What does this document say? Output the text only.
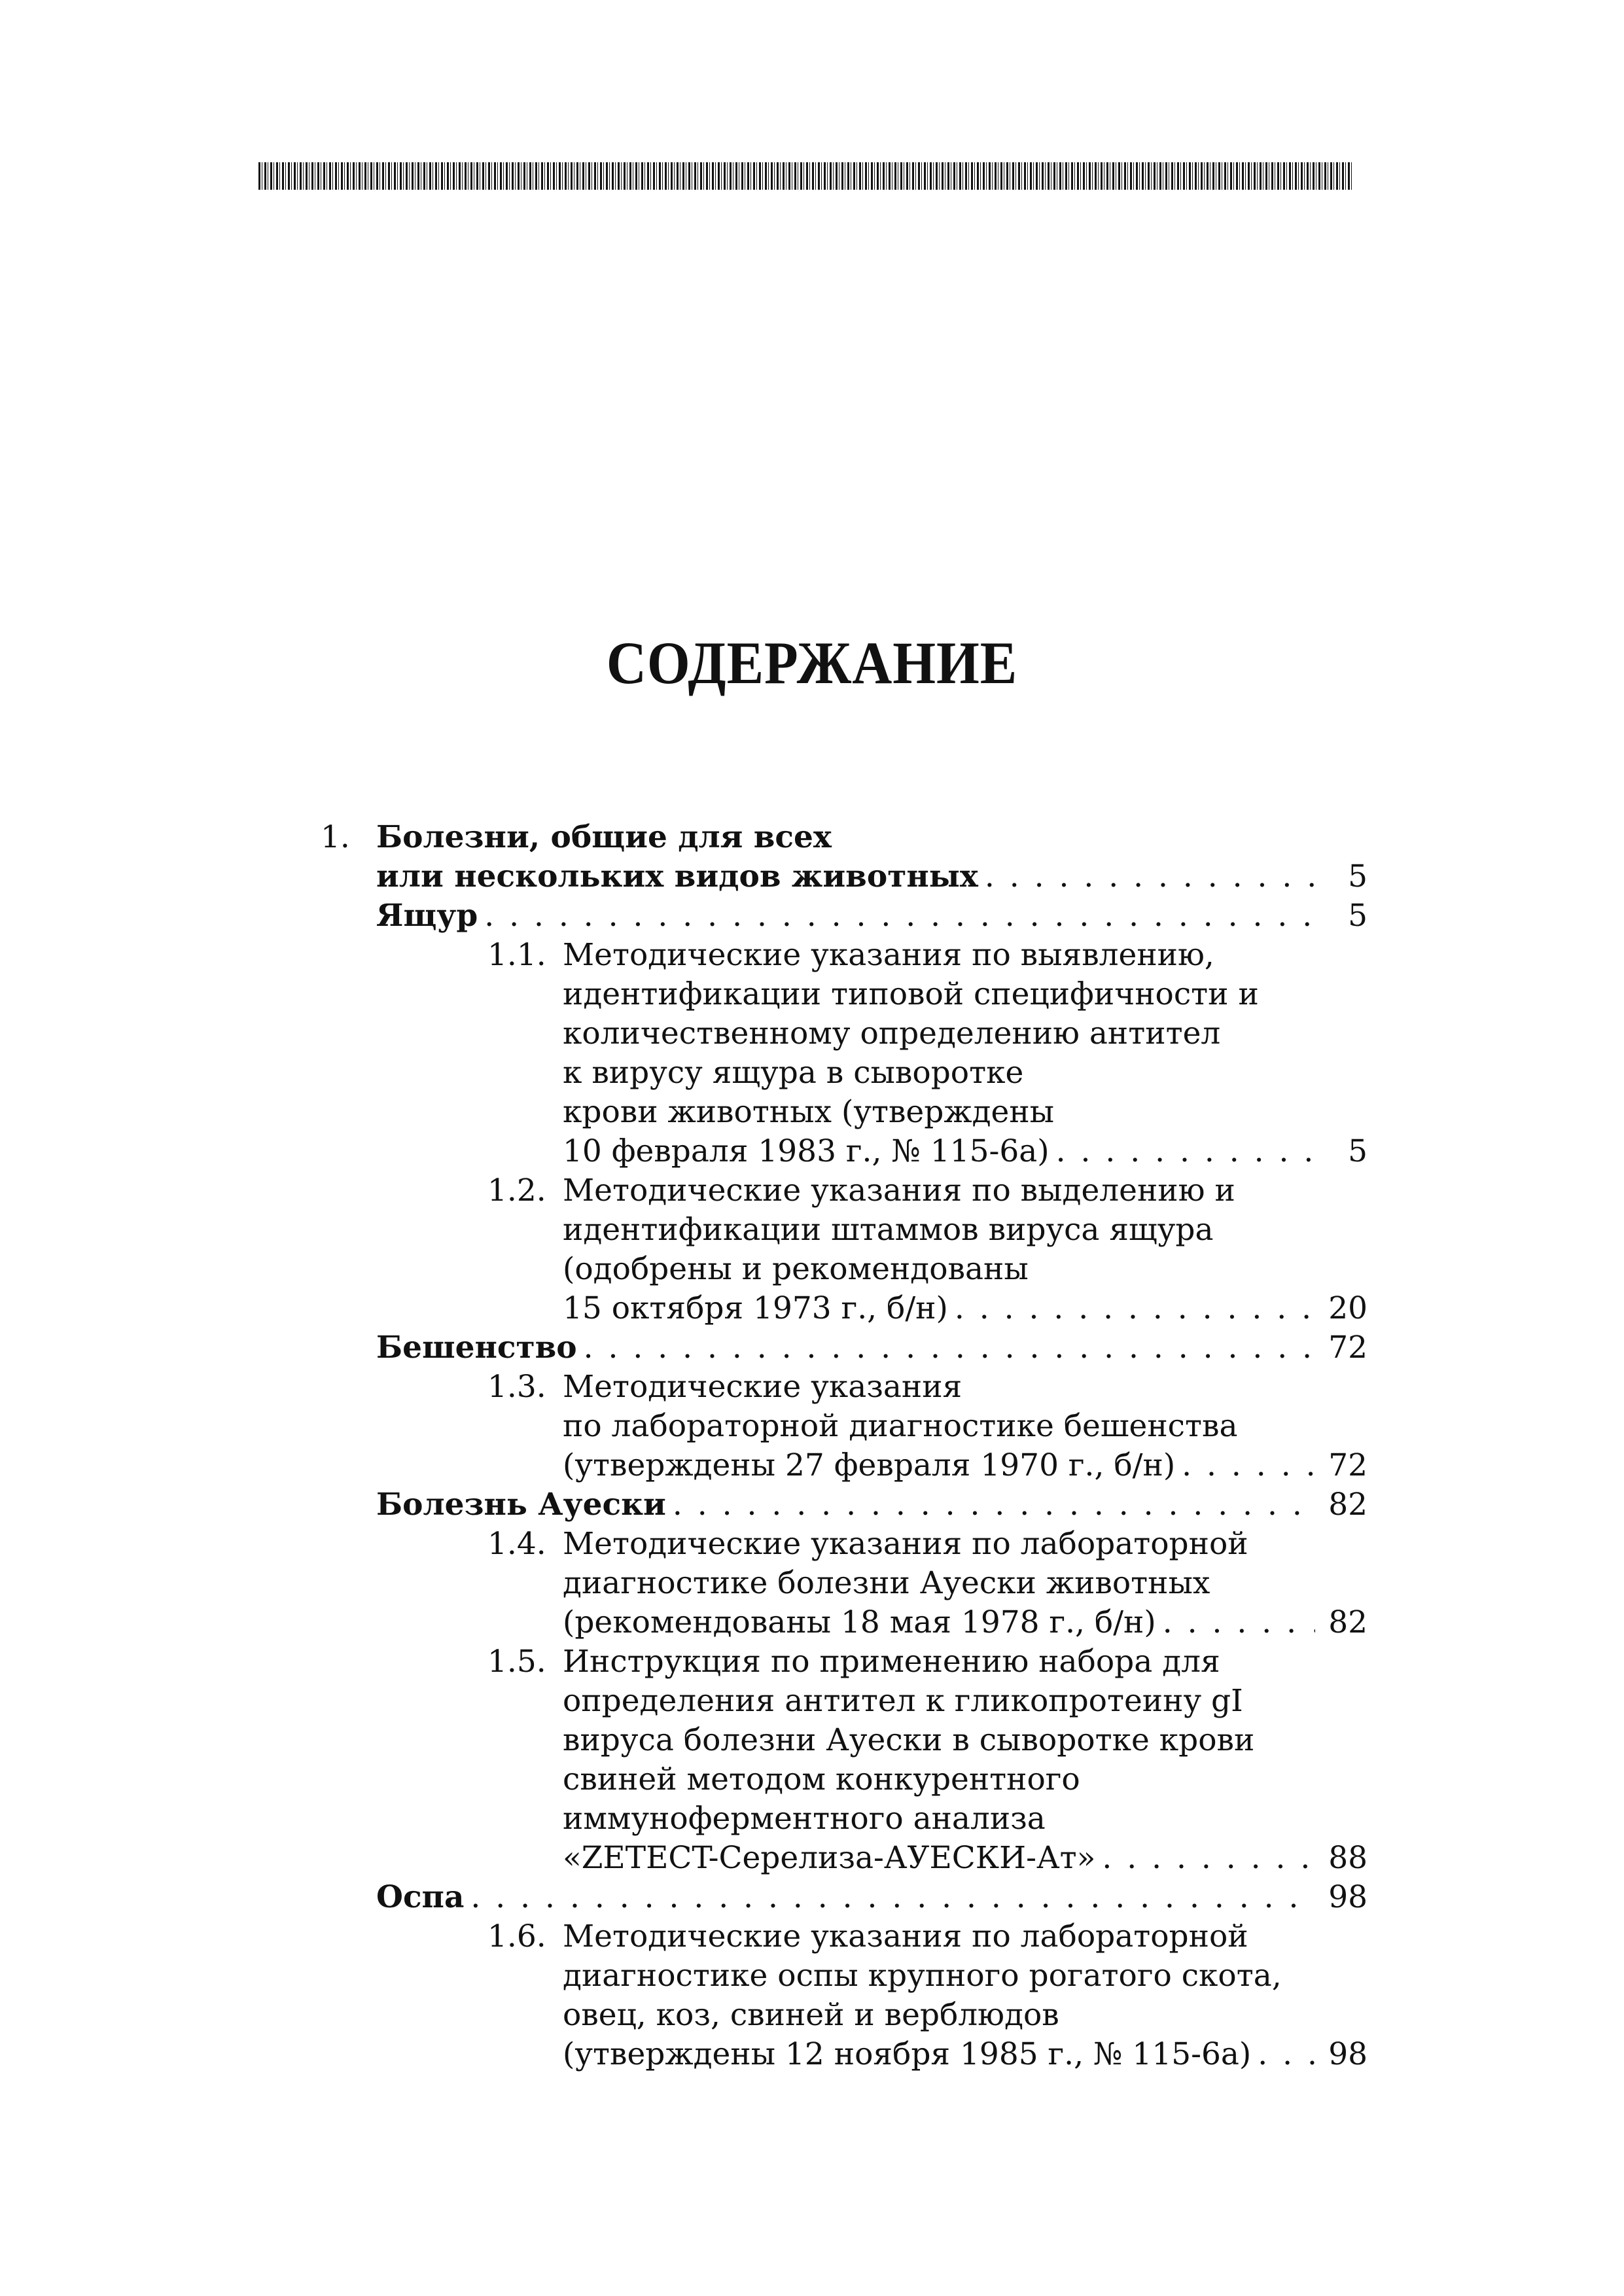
СОДЕРЖАНИЕ
1. Болезни, общие для всех
или нескольких видов животных . . .	5
Ящур . . .	5
1.1. Методические указания по выявлению,
идентификации типовой специфичности и
количественному определению антител
к вирусу ящура в сыворотке
крови животных (утверждены
10 февраля 1983 г., № 115-6а) . . .	5
1.2. Методические указания по выделению и
идентификации штаммов вируса ящура
(одобрены и рекомендованы
15 октября 1973 г., б/н) . . .	20
Бешенство . . .	72
1.3. Методические указания
по лабораторной диагностике бешенства
(утверждены 27 февраля 1970 г., б/н) . . .	72
Болезнь Ауески . . .	82
1.4. Методические указания по лабораторной
диагностике болезни Ауески животных
(рекомендованы 18 мая 1978 г., б/н) . . .	82
1.5. Инструкция по применению набора для
определения антител к гликопротеину gI
вируса болезни Ауески в сыворотке крови
свиней методом конкурентного
иммуноферментного анализа
«ZETECT-Серелиза-АУЕСКИ-Ат» . . .	88
Оспа . . .	98
1.6. Методические указания по лабораторной
диагностике оспы крупного рогатого скота,
овец, коз, свиней и верблюдов
(утверждены 12 ноября 1985 г., № 115-6а) . . .	98
